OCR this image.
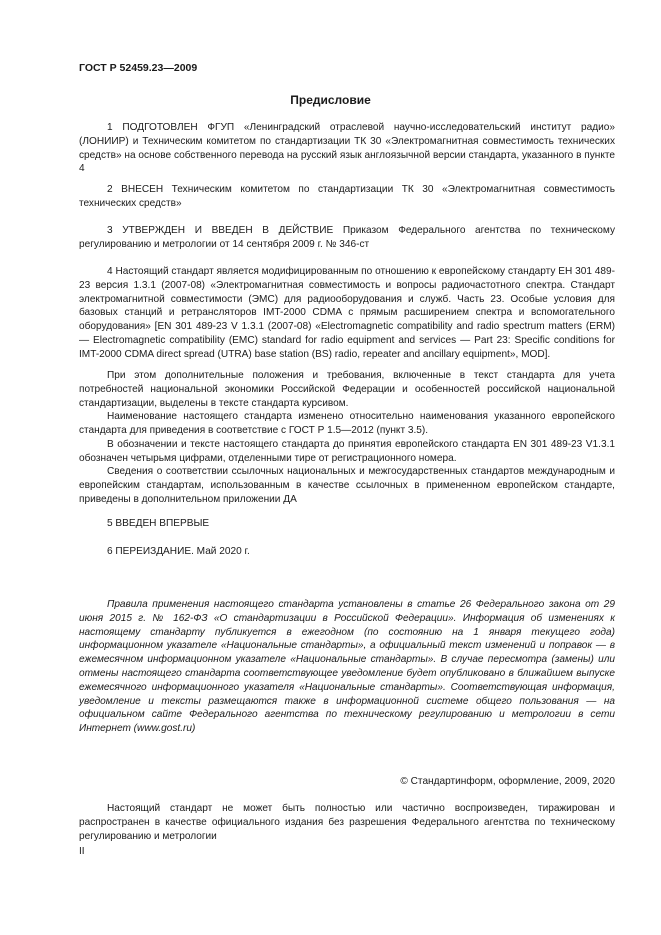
ГОСТ Р 52459.23—2009
Предисловие

1 ПОДГОТОВЛЕН ФГУП «Ленинградский отраслевой научно-исследовательский институт радио» (ЛОНИИР) и Техническим комитетом по стандартизации ТК 30 «Электромагнитная совместимость технических средств» на основе собственного перевода на русский язык англоязычной версии стандарта, указанного в пункте 4

2 ВНЕСЕН Техническим комитетом по стандартизации ТК 30 «Электромагнитная совместимость технических средств»

3 УТВЕРЖДЕН И ВВЕДЕН В ДЕЙСТВИЕ Приказом Федерального агентства по техническому регулированию и метрологии от 14 сентября 2009 г. № 346-ст

4 Настоящий стандарт является модифицированным по отношению к европейскому стандарту ЕН 301 489-23 версия 1.3.1 (2007-08) «Электромагнитная совместимость и вопросы радиочастотного спектра. Стандарт электромагнитной совместимости (ЭМС) для радиооборудования и служб. Часть 23. Особые условия для базовых станций и ретрансляторов IMT-2000 CDMA с прямым расширением спектра и вспомогательного оборудования» [EN 301 489-23 V 1.3.1 (2007-08) «Electromagnetic compatibility and radio spectrum matters (ERM) — Electromagnetic compatibility (EMC) standard for radio equipment and services — Part 23: Specific conditions for IMT-2000 CDMA direct spread (UTRA) base station (BS) radio, repeater and ancillary equipment», MOD].

При этом дополнительные положения и требования, включенные в текст стандарта для учета потребностей национальной экономики Российской Федерации и особенностей российской национальной стандартизации, выделены в тексте стандарта курсивом.

Наименование настоящего стандарта изменено относительно наименования указанного европейского стандарта для приведения в соответствие с ГОСТ Р 1.5—2012 (пункт 3.5).

В обозначении и тексте настоящего стандарта до принятия европейского стандарта EN 301 489-23 V1.3.1 обозначен четырьмя цифрами, отделенными тире от регистрационного номера.

Сведения о соответствии ссылочных национальных и межгосударственных стандартов международным и европейским стандартам, использованным в качестве ссылочных в примененном европейском стандарте, приведены в дополнительном приложении ДА

5 ВВЕДЕН ВПЕРВЫЕ

6 ПЕРЕИЗДАНИЕ. Май 2020 г.

Правила применения настоящего стандарта установлены в статье 26 Федерального закона от 29 июня 2015 г. № 162-ФЗ «О стандартизации в Российской Федерации». Информация об изменениях к настоящему стандарту публикуется в ежегодном (по состоянию на 1 января текущего года) информационном указателе «Национальные стандарты», а официальный текст изменений и поправок — в ежемесячном информационном указателе «Национальные стандарты». В случае пересмотра (замены) или отмены настоящего стандарта соответствующее уведомление будет опубликовано в ближайшем выпуске ежемесячного информационного указателя «Национальные стандарты». Соответствующая информация, уведомление и тексты размещаются также в информационной системе общего пользования — на официальном сайте Федерального агентства по техническому регулированию и метрологии в сети Интернет (www.gost.ru)

© Стандартинформ, оформление, 2009, 2020

Настоящий стандарт не может быть полностью или частично воспроизведен, тиражирован и распространен в качестве официального издания без разрешения Федерального агентства по техническому регулированию и метрологии

II
